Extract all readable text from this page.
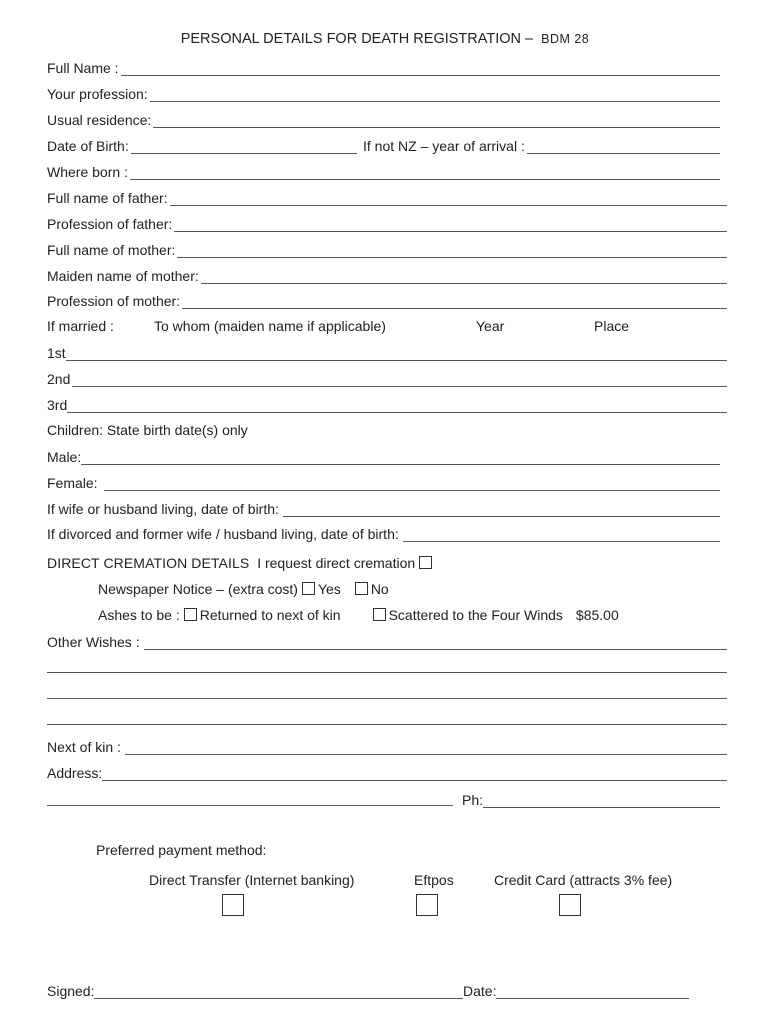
PERSONAL DETAILS FOR DEATH REGISTRATION – BDM 28
Full Name :
Your profession:
Usual residence:
Date of Birth:	If not NZ – year of arrival :
Where born :
Full name of father:
Profession of father:
Full name of mother:
Maiden name of mother:
Profession of mother:
If married :	To whom (maiden name if applicable)	Year	Place
1st
2nd
3rd
Children: State birth date(s) only
Male:
Female:
If wife or husband living, date of birth:
If divorced and former wife / husband living, date of birth:
DIRECT CREMATION DETAILS I request direct cremation
Newspaper Notice – (extra cost) Yes No
Ashes to be : Returned to next of kin	Scattered to the Four Winds $85.00
Other Wishes :
Next of kin :
Address:
Ph:
Preferred payment method:
Direct Transfer (Internet banking)	Eftpos	Credit Card (attracts 3% fee)
Signed:	Date:
